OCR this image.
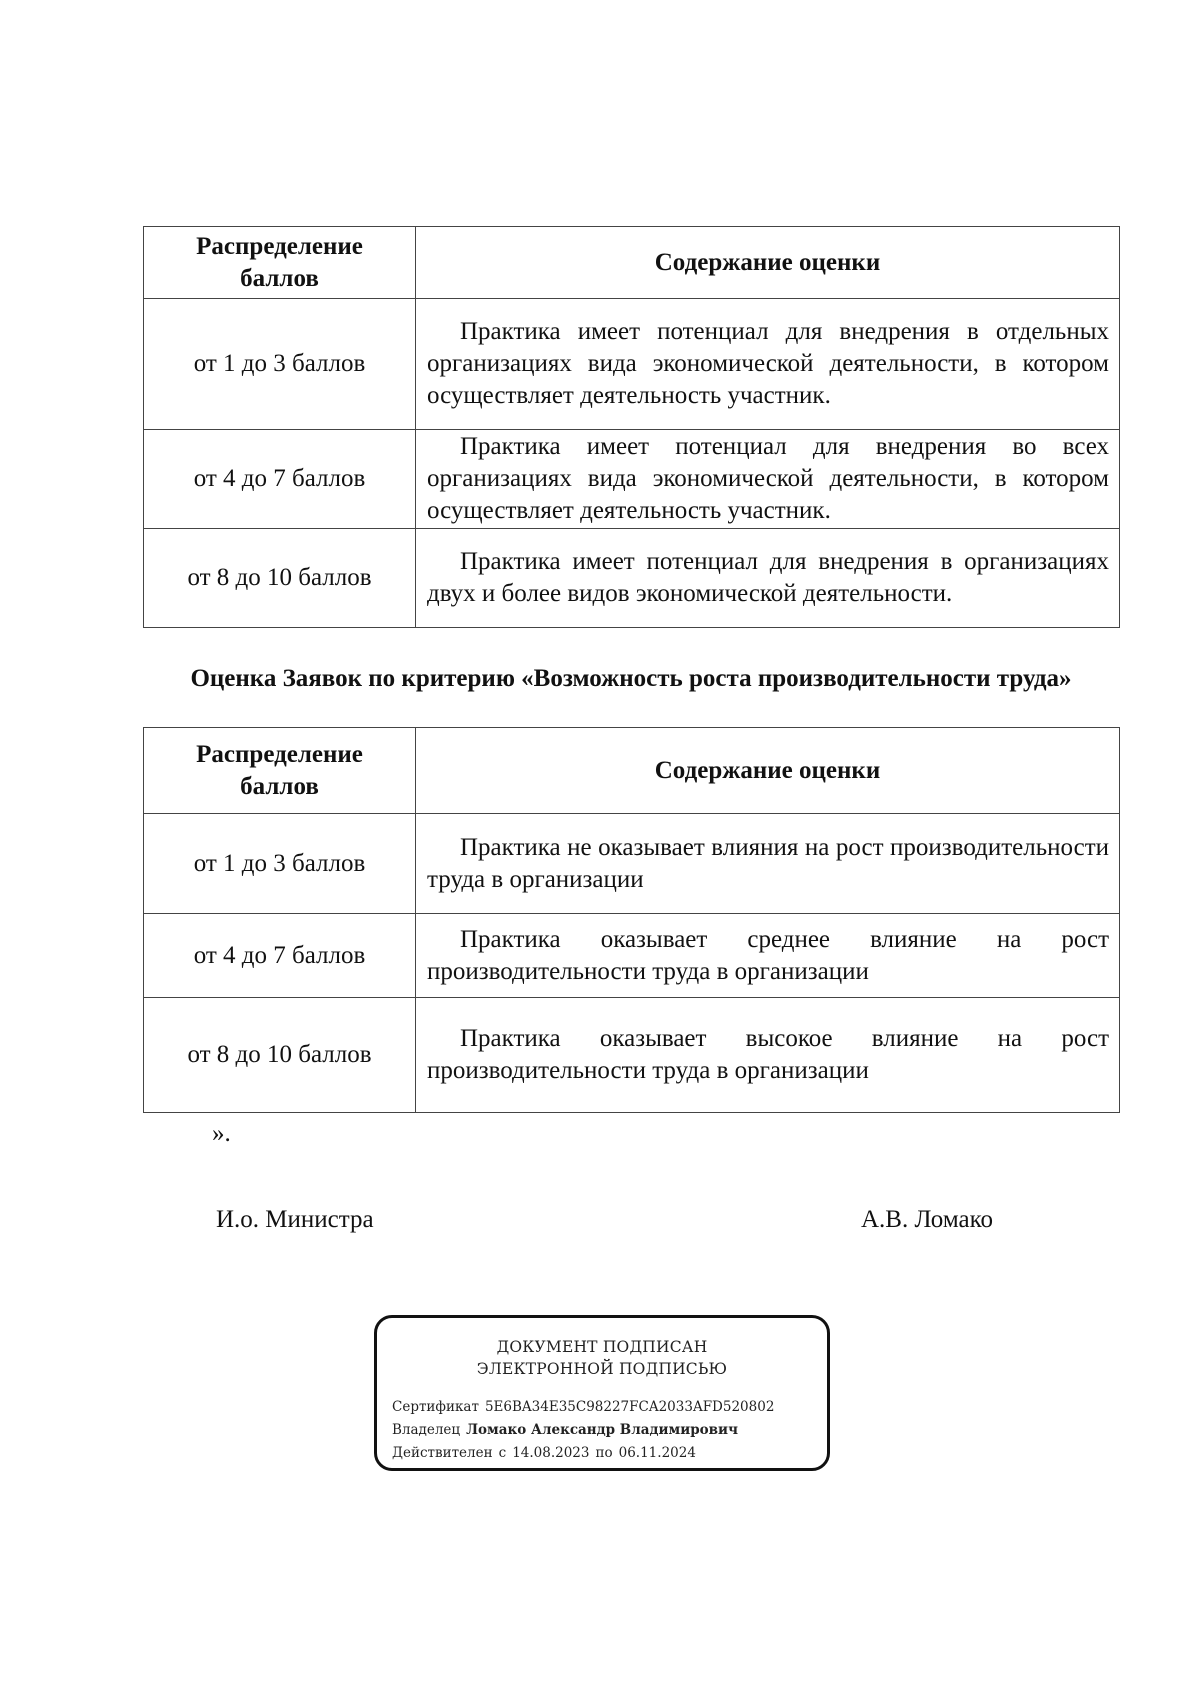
Распределение
баллов	Содержание оценки
от 1 до 3 баллов	Практика имеет потенциал для внедрения в отдельных организациях вида экономической деятельности, в котором осуществляет деятельность участник.

от 4 до 7 баллов	Практика имеет потенциал для внедрения во всех организациях вида экономической деятельности, в котором осуществляет деятельность участник.

от 8 до 10 баллов	Практика имеет потенциал для внедрения в организациях двух и более видов экономической деятельности.

Оценка Заявок по критерию «Возможность роста производительности труда»
Распределение
баллов	Содержание оценки
от 1 до 3 баллов	Практика не оказывает влияния на рост производительности труда в организации

от 4 до 7 баллов	Практика оказывает среднее влияние на рост производительности труда в организации

от 8 до 10 баллов	Практика оказывает высокое влияние на рост производительности труда в организации

».
И.о. Министра	А.В. Ломако
ДОКУМЕНТ ПОДПИСАН
ЭЛЕКТРОННОЙ ПОДПИСЬЮ
Сертификат 5E6BA34E35C98227FCA2033AFD520802
Владелец Ломако Александр Владимирович
Действителен с 14.08.2023 по 06.11.2024
